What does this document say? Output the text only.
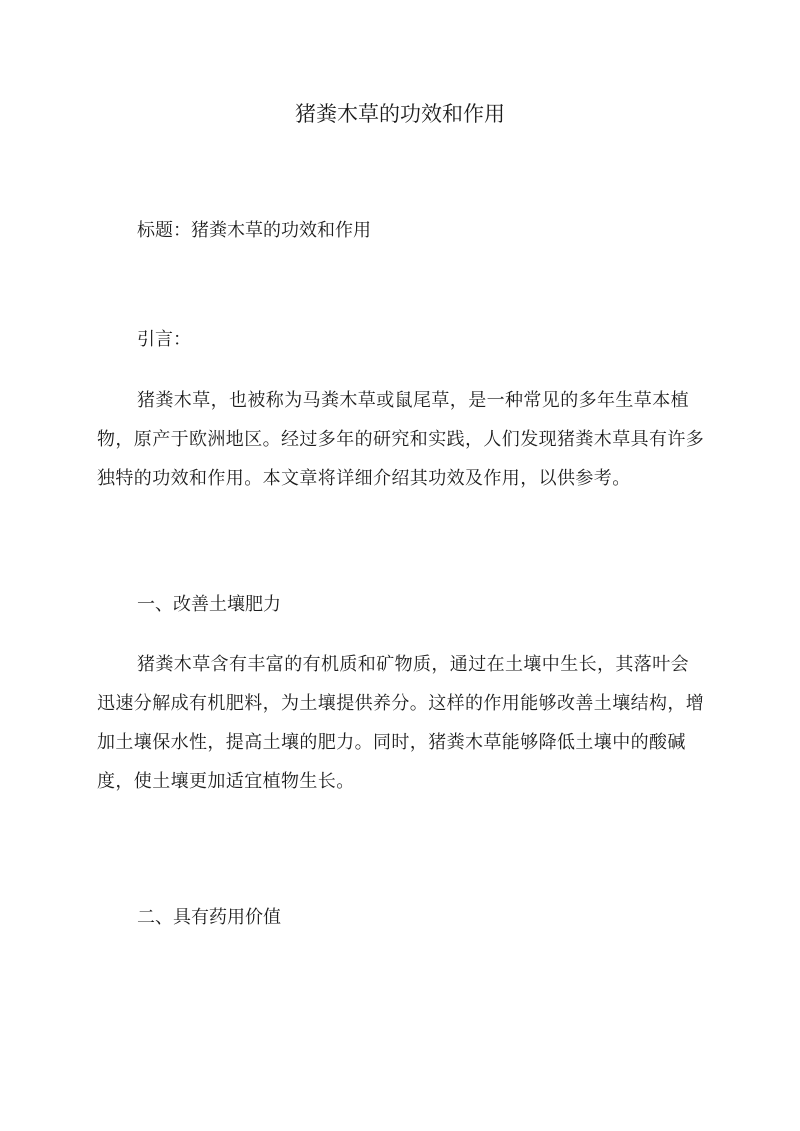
猪粪木草的功效和作用

标题：猪粪木草的功效和作用

引言：

猪粪木草，也被称为马粪木草或鼠尾草，是一种常见的多年生草本植物，原产于欧洲地区。经过多年的研究和实践，人们发现猪粪木草具有许多独特的功效和作用。本文章将详细介绍其功效及作用，以供参考。

一、改善土壤肥力

猪粪木草含有丰富的有机质和矿物质，通过在土壤中生长，其落叶会迅速分解成有机肥料，为土壤提供养分。这样的作用能够改善土壤结构，增加土壤保水性，提高土壤的肥力。同时，猪粪木草能够降低土壤中的酸碱度，使土壤更加适宜植物生长。

二、具有药用价值
